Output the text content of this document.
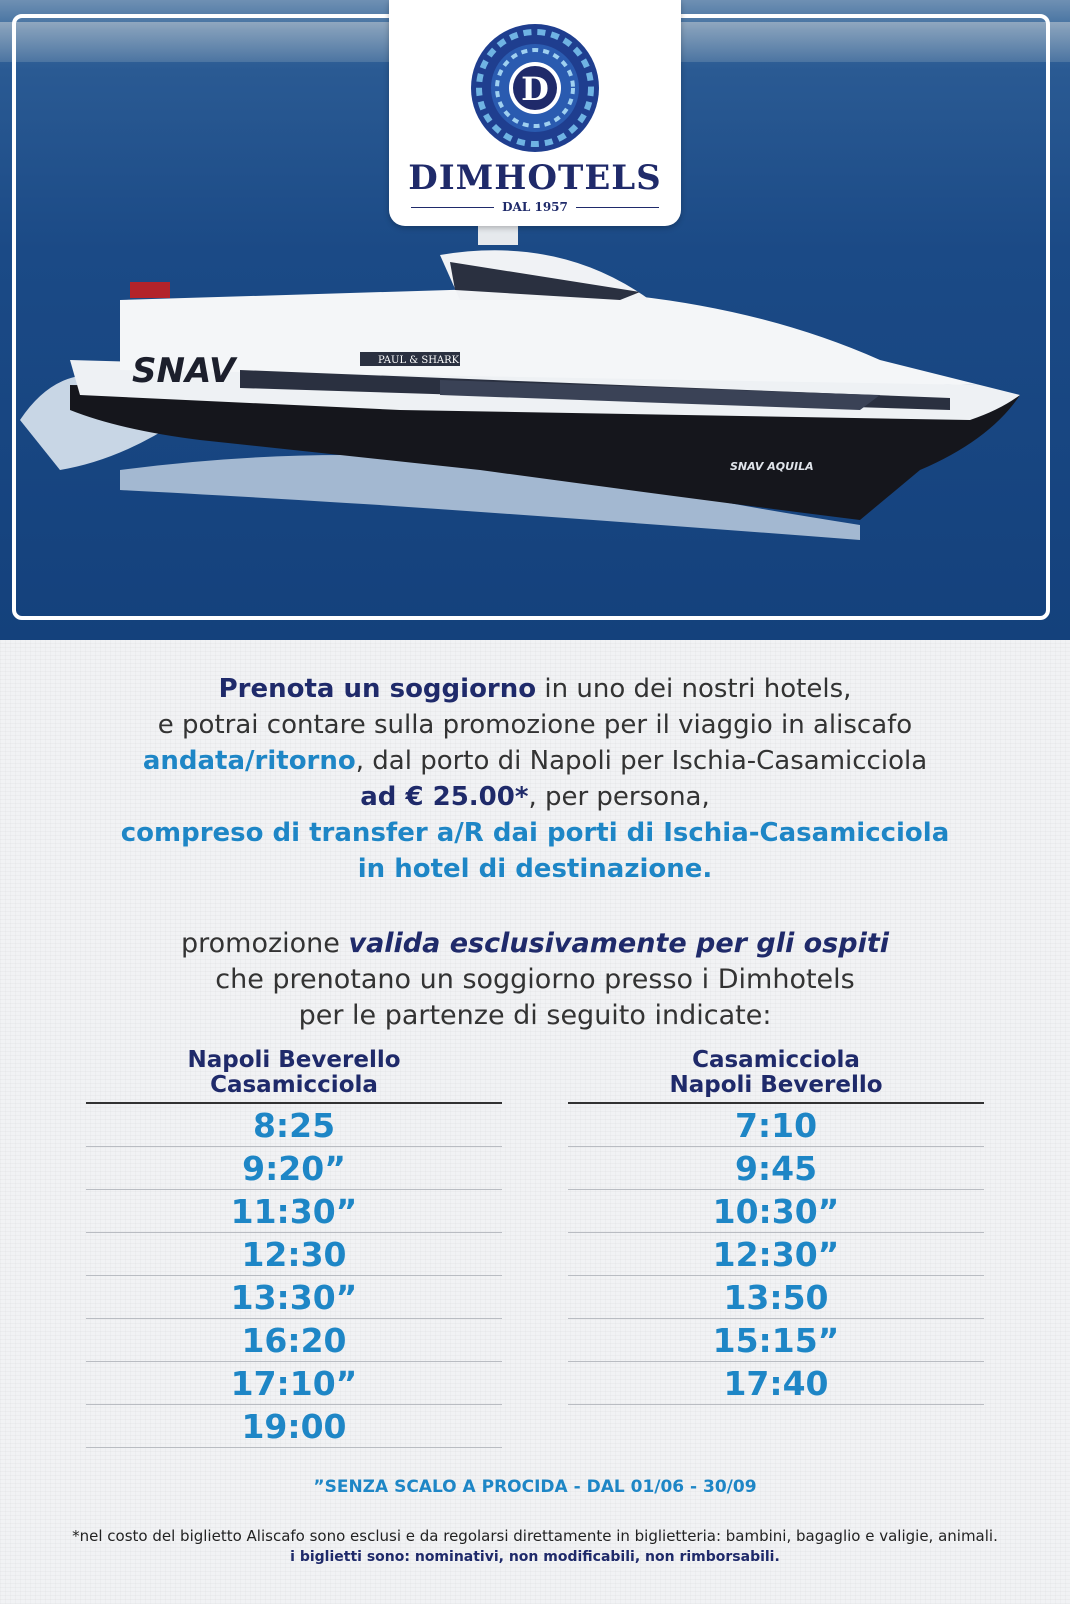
SNAV	PAUL & SHARK
SNAV AQUILA
D
DIMHOTELS
DAL 1957
Prenota un soggiorno in uno dei nostri hotels,
e potrai contare sulla promozione per il viaggio in aliscafo
andata/ritorno, dal porto di Napoli per Ischia-Casamicciola
ad € 25.00*, per persona,
compreso di transfer a/R dai porti di Ischia-Casamicciola
in hotel di destinazione.
promozione valida esclusivamente per gli ospiti
che prenotano un soggiorno presso i Dimhotels
per le partenze di seguito indicate:
Napoli Beverello
Casamicciola
8:25
9:20”
11:30”
12:30
13:30”
16:20
17:10”
19:00
Casamicciola
Napoli Beverello
7:10
9:45
10:30”
12:30”
13:50
15:15”
17:40
”SENZA SCALO A PROCIDA - DAL 01/06 - 30/09
*nel costo del biglietto Aliscafo sono esclusi e da regolarsi direttamente in biglietteria: bambini, bagaglio e valigie, animali.
i biglietti sono: nominativi, non modificabili, non rimborsabili.
